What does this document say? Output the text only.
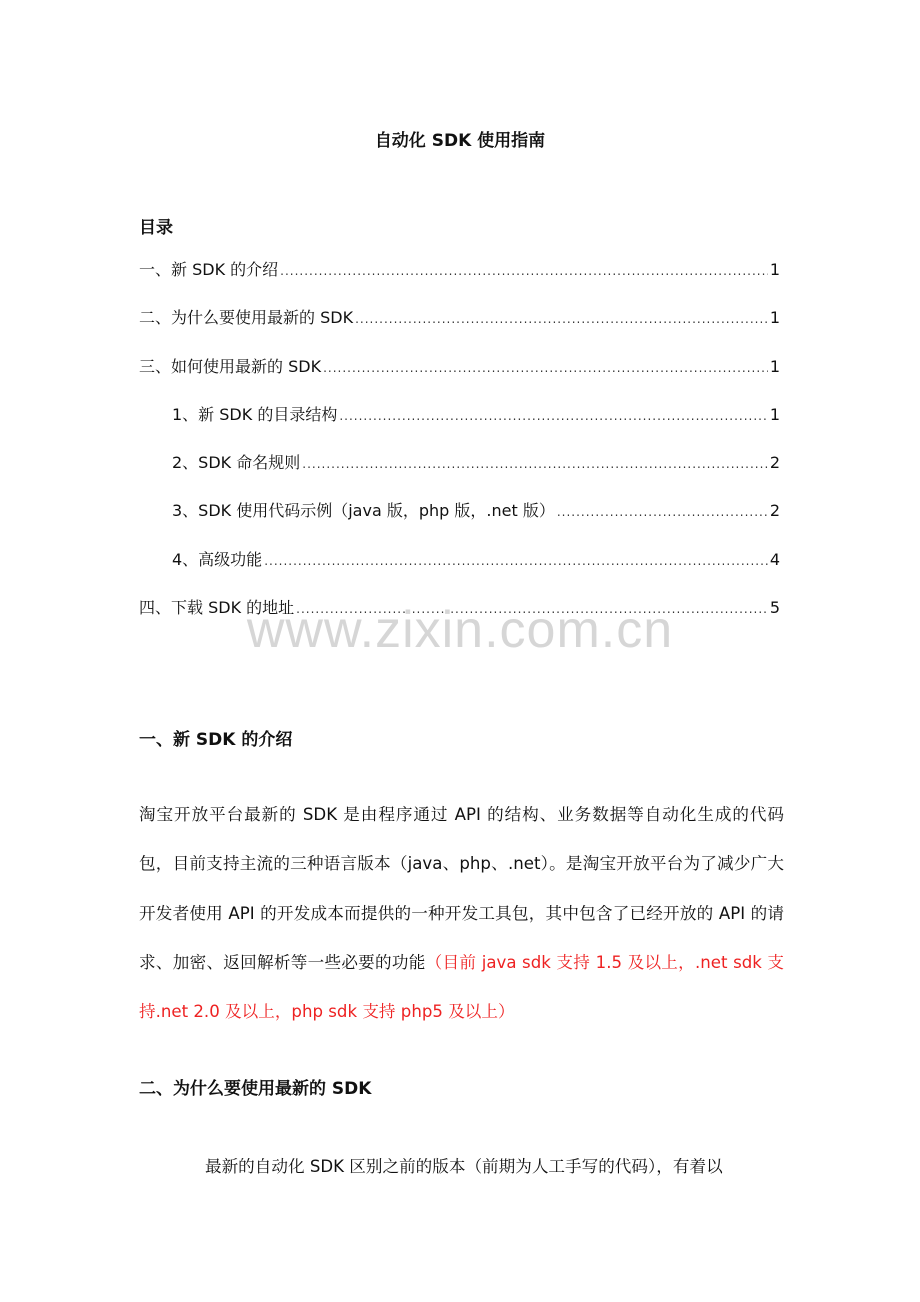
自动化 SDK 使用指南
目录
一、新 SDK 的介绍 .....	1
二、为什么要使用最新的 SDK .....	1
三、如何使用最新的 SDK .....	1
1、新 SDK 的目录结构 .....	1
2、SDK 命名规则 .....	2
3、SDK 使用代码示例（java 版，php 版，.net 版） .....	2
4、高级功能 .....	4
四、下载 SDK 的地址 .....	5
www.zixin.com.cn
一、新 SDK 的介绍

淘宝开放平台最新的 SDK 是由程序通过 API 的结构、业务数据等自动化生成的代码包，目前支持主流的三种语言版本（java、php、.net）。是淘宝开放平台为了减少广大开发者使用 API 的开发成本而提供的一种开发工具包，其中包含了已经开放的 API 的请求、加密、返回解析等一些必要的功能（目前 java sdk 支持 1.5 及以上，.net sdk 支持.net 2.0 及以上，php sdk 支持 php5 及以上）

二、为什么要使用最新的 SDK

最新的自动化 SDK 区别之前的版本（前期为人工手写的代码），有着以
